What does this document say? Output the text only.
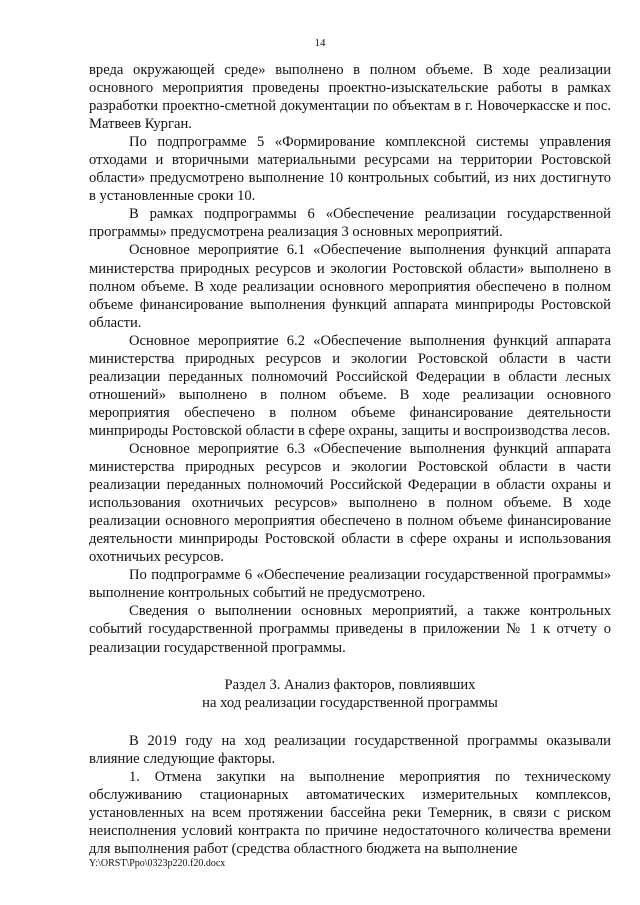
14

вреда окружающей среде» выполнено в полном объеме. В ходе реализации основного мероприятия проведены проектно-изыскательские работы в рамках разработки проектно-сметной документации по объектам в г. Новочеркасске и пос. Матвеев Курган.

По подпрограмме 5 «Формирование комплексной системы управления отходами и вторичными материальными ресурсами на территории Ростовской области» предусмотрено выполнение 10 контрольных событий, из них достигнуто в установленные сроки 10.

В рамках подпрограммы 6 «Обеспечение реализации государственной программы» предусмотрена реализация 3 основных мероприятий.

Основное мероприятие 6.1 «Обеспечение выполнения функций аппарата министерства природных ресурсов и экологии Ростовской области» выполнено в полном объеме. В ходе реализации основного мероприятия обеспечено в полном объеме финансирование выполнения функций аппарата минприроды Ростовской области.

Основное мероприятие 6.2 «Обеспечение выполнения функций аппарата министерства природных ресурсов и экологии Ростовской области в части реализации переданных полномочий Российской Федерации в области лесных отношений» выполнено в полном объеме. В ходе реализации основного мероприятия обеспечено в полном объеме финансирование деятельности минприроды Ростовской области в сфере охраны, защиты и воспроизводства лесов.

Основное мероприятие 6.3 «Обеспечение выполнения функций аппарата министерства природных ресурсов и экологии Ростовской области в части реализации переданных полномочий Российской Федерации в области охраны и использования охотничьих ресурсов» выполнено в полном объеме. В ходе реализации основного мероприятия обеспечено в полном объеме финансирование деятельности минприроды Ростовской области в сфере охраны и использования охотничьих ресурсов.

По подпрограмме 6 «Обеспечение реализации государственной программы» выполнение контрольных событий не предусмотрено.

Сведения о выполнении основных мероприятий, а также контрольных событий государственной программы приведены в приложении № 1 к отчету о реализации государственной программы.

Раздел 3. Анализ факторов, повлиявших
на ход реализации государственной программы

В 2019 году на ход реализации государственной программы оказывали влияние следующие факторы.

1. Отмена закупки на выполнение мероприятия по техническому обслуживанию стационарных автоматических измерительных комплексов, установленных на всем протяжении бассейна реки Темерник, в связи с риском неисполнения условий контракта по причине недостаточного количества времени для выполнения работ (средства областного бюджета на выполнение

Y:\ORST\Ppo\0323p220.f20.docx
